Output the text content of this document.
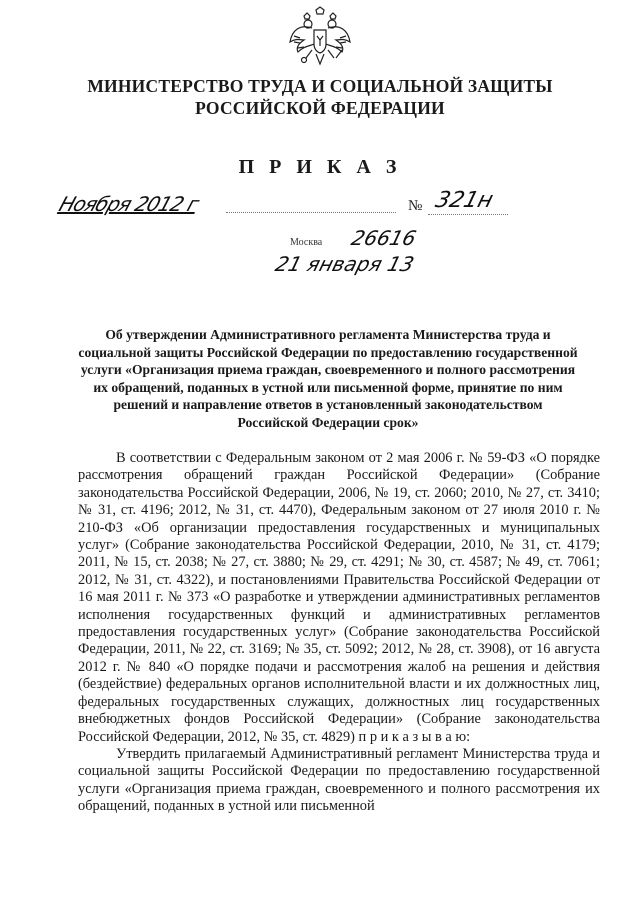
МИНИСТЕРСТВО ТРУДА И СОЦИАЛЬНОЙ ЗАЩИТЫ
РОССИЙСКОЙ ФЕДЕРАЦИИ
П Р И К А З
Ноября 2012 г	№ 321н
Москва 26616
21 января 13
Об утверждении Административного регламента Министерства труда и социальной защиты Российской Федерации по предоставлению государственной услуги «Организация приема граждан, своевременного и полного рассмотрения их обращений, поданных в устной или письменной форме, принятие по ним решений и направление ответов в установленный законодательством Российской Федерации срок»

В соответствии с Федеральным законом от 2 мая 2006 г. № 59-ФЗ «О порядке рассмотрения обращений граждан Российской Федерации» (Собрание законодательства Российской Федерации, 2006, № 19, ст. 2060; 2010, № 27, ст. 3410; № 31, ст. 4196; 2012, № 31, ст. 4470), Федеральным законом от 27 июля 2010 г. № 210-ФЗ «Об организации предоставления государственных и муниципальных услуг» (Собрание законодательства Российской Федерации, 2010, № 31, ст. 4179; 2011, № 15, ст. 2038; № 27, ст. 3880; № 29, ст. 4291; № 30, ст. 4587; № 49, ст. 7061; 2012, № 31, ст. 4322), и постановлениями Правительства Российской Федерации от 16 мая 2011 г. № 373 «О разработке и утверждении административных регламентов исполнения государственных функций и административных регламентов предоставления государственных услуг» (Собрание законодательства Российской Федерации, 2011, № 22, ст. 3169; № 35, ст. 5092; 2012, № 28, ст. 3908), от 16 августа 2012 г. № 840 «О порядке подачи и рассмотрения жалоб на решения и действия (бездействие) федеральных органов исполнительной власти и их должностных лиц, федеральных государственных служащих, должностных лиц государственных внебюджетных фондов Российской Федерации» (Собрание законодательства Российской Федерации, 2012, № 35, ст. 4829) п р и к а з ы в а ю:

Утвердить прилагаемый Административный регламент Министерства труда и социальной защиты Российской Федерации по предоставлению государственной услуги «Организация приема граждан, своевременного и полного рассмотрения их обращений, поданных в устной или письменной
